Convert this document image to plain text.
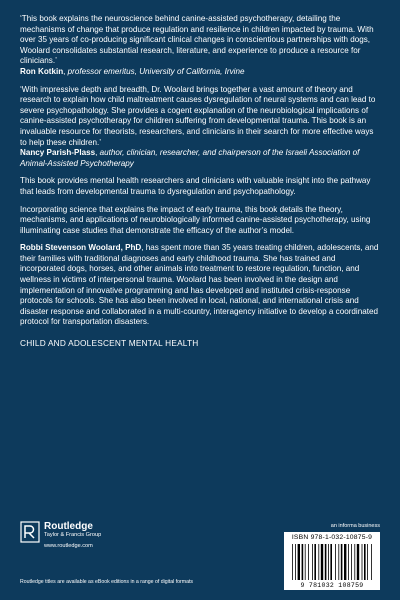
‘This book explains the neuroscience behind canine-assisted psychotherapy, detailing the mechanisms of change that produce regulation and resilience in children impacted by trauma. With over 35 years of co-producing significant clinical changes in conscientious partnerships with dogs, Woolard consolidates substantial research, literature, and experience to produce a resource for clinicians.’
Ron Kotkin, professor emeritus, University of California, Irvine

‘With impressive depth and breadth, Dr. Woolard brings together a vast amount of theory and research to explain how child maltreatment causes dysregulation of neural systems and can lead to severe psychopathology. She provides a cogent explanation of the neurobiological implications of canine-assisted psychotherapy for children suffering from developmental trauma. This book is an invaluable resource for theorists, researchers, and clinicians in their search for more effective ways to help these children.’
Nancy Parish-Plass, author, clinician, researcher, and chairperson of the Israeli Association of Animal-Assisted Psychotherapy

This book provides mental health researchers and clinicians with valuable insight into the pathway that leads from developmental trauma to dysregulation and psychopathology.

Incorporating science that explains the impact of early trauma, this book details the theory, mechanisms, and applications of neurobiologically informed canine-assisted psychotherapy, using illuminating case studies that demonstrate the efficacy of the author’s model.

Robbi Stevenson Woolard, PhD, has spent more than 35 years treating children, adolescents, and their families with traditional diagnoses and early childhood trauma. She has trained and incorporated dogs, horses, and other animals into treatment to restore regulation, function, and wellness in victims of interpersonal trauma. Woolard has been involved in the design and implementation of innovative programming and has developed and instituted crisis-response protocols for schools. She has also been involved in local, national, and international crisis and disaster response and collaborated in a multi-country, interagency initiative to develop a coordinated protocol for transportation disasters.

CHILD AND ADOLESCENT MENTAL HEALTH
Routledge
Taylor & Francis Group
www.routledge.com
an informa business
ISBN 978-1-032-10875-9
9 781032 108759
Routledge titles are available as eBook editions in a range of digital formats
